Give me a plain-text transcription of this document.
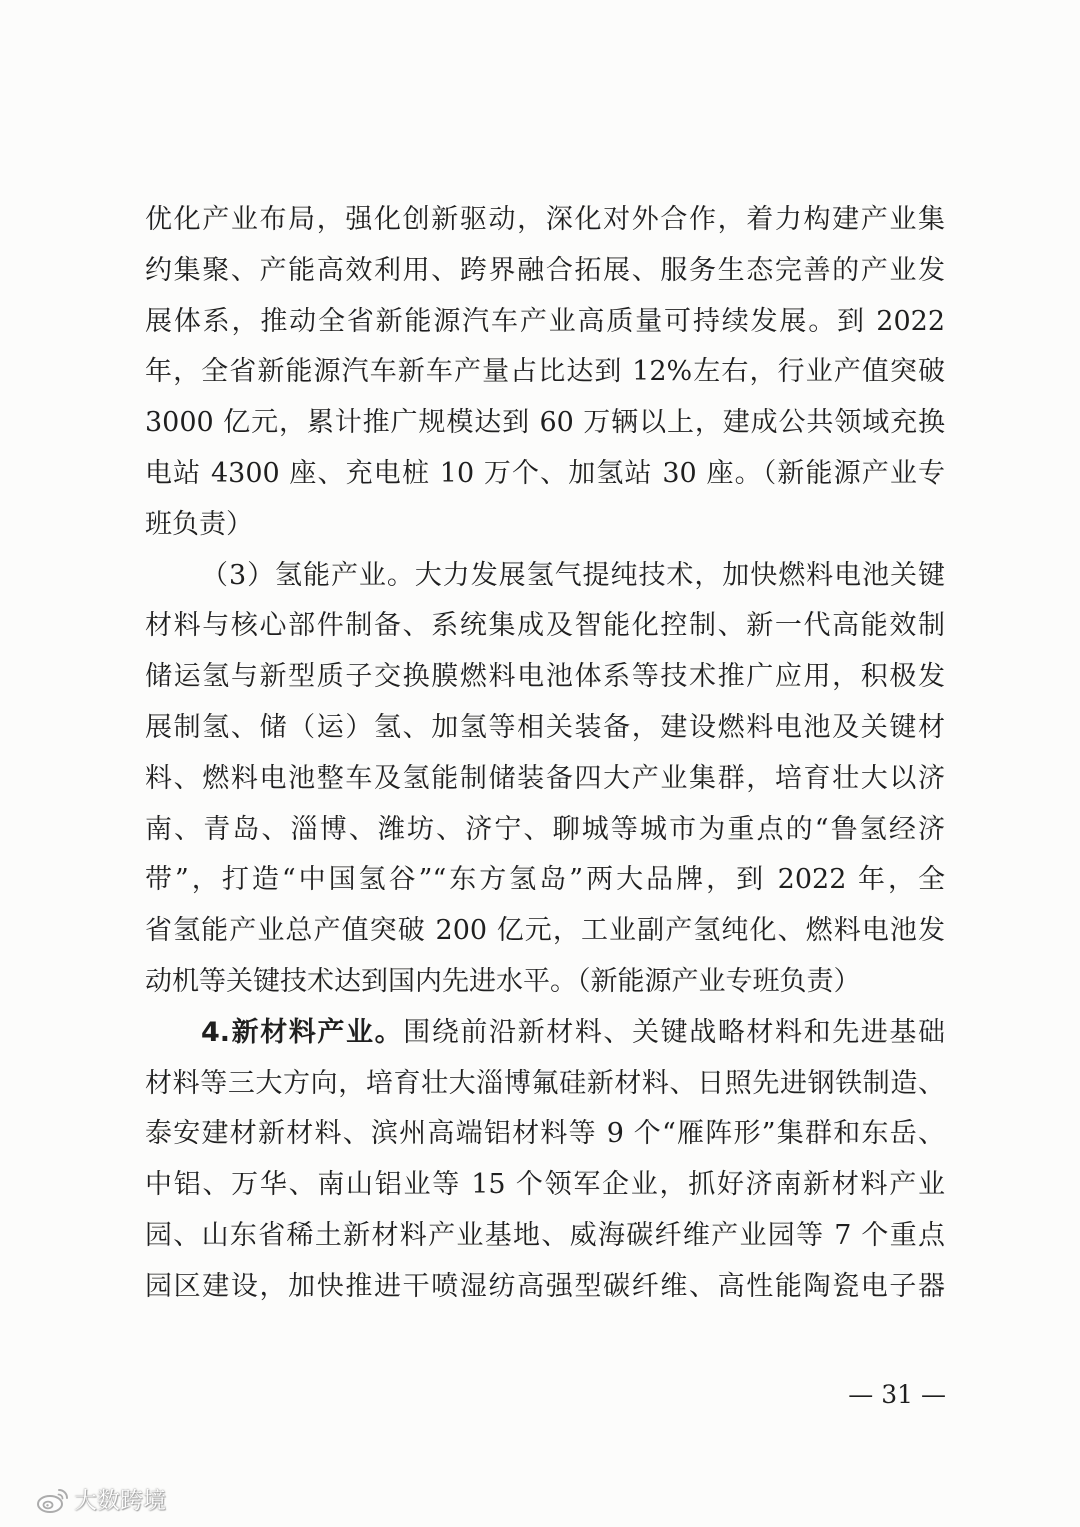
优化产业布局，强化创新驱动，深化对外合作，着力构建产业集
约集聚、产能高效利用、跨界融合拓展、服务生态完善的产业发
展体系，推动全省新能源汽车产业高质量可持续发展。到 2022
年，全省新能源汽车新车产量占比达到 12%左右，行业产值突破
3000 亿元，累计推广规模达到 60 万辆以上，建成公共领域充换
电站 4300 座、充电桩 10 万个、加氢站 30 座。（新能源产业专
班负责）
（3）氢能产业。大力发展氢气提纯技术，加快燃料电池关键
材料与核心部件制备、系统集成及智能化控制、新一代高能效制
储运氢与新型质子交换膜燃料电池体系等技术推广应用，积极发
展制氢、储（运）氢、加氢等相关装备，建设燃料电池及关键材
料、燃料电池整车及氢能制储装备四大产业集群，培育壮大以济
南、青岛、淄博、潍坊、济宁、聊城等城市为重点的“鲁氢经济
带”，打造“中国氢谷”“东方氢岛”两大品牌，到 2022 年，全
省氢能产业总产值突破 200 亿元，工业副产氢纯化、燃料电池发
动机等关键技术达到国内先进水平。（新能源产业专班负责）
4.新材料产业。围绕前沿新材料、关键战略材料和先进基础
材料等三大方向，培育壮大淄博氟硅新材料、日照先进钢铁制造、
泰安建材新材料、滨州高端铝材料等 9 个“雁阵形”集群和东岳、
中铝、万华、南山铝业等 15 个领军企业，抓好济南新材料产业
园、山东省稀土新材料产业基地、威海碳纤维产业园等 7 个重点
园区建设，加快推进干喷湿纺高强型碳纤维、高性能陶瓷电子器
— 31 —
大数跨境
